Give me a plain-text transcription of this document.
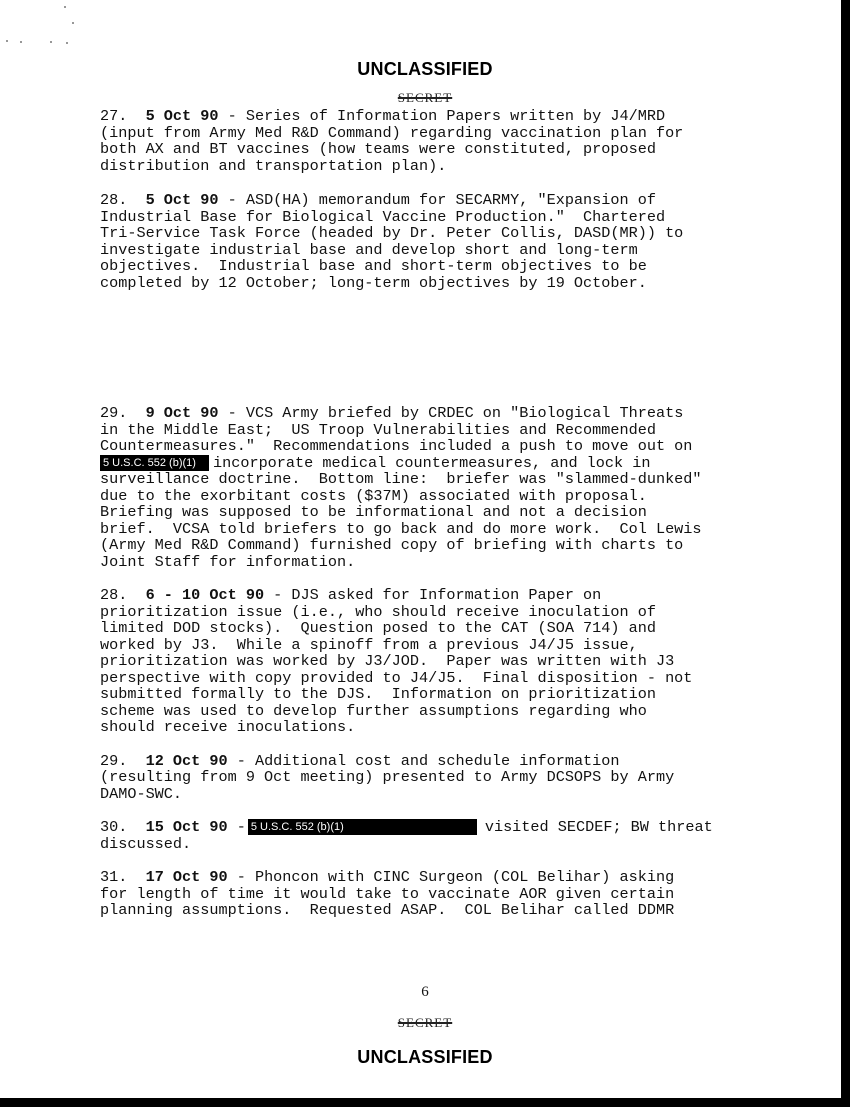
UNCLASSIFIED
SECRET

27. 5 Oct 90 - Series of Information Papers written by J4/MRD
(input from Army Med R&D Command) regarding vaccination plan for
both AX and BT vaccines (how teams were constituted, proposed
distribution and transportation plan).

28. 5 Oct 90 - ASD(HA) memorandum for SECARMY, "Expansion of
Industrial Base for Biological Vaccine Production."  Chartered
Tri-Service Task Force (headed by Dr. Peter Collis, DASD(MR)) to
investigate industrial base and develop short and long-term
objectives.  Industrial base and short-term objectives to be
completed by 12 October; long-term objectives by 19 October.

29. 9 Oct 90 - VCS Army briefed by CRDEC on "Biological Threats
in the Middle East;  US Troop Vulnerabilities and Recommended
Countermeasures."  Recommendations included a push to move out on
5 U.S.C. 552 (b)(1) incorporate medical countermeasures, and lock in
surveillance doctrine.  Bottom line:  briefer was "slammed-dunked"
due to the exorbitant costs ($37M) associated with proposal.
Briefing was supposed to be informational and not a decision
brief.  VCSA told briefers to go back and do more work.  Col Lewis
(Army Med R&D Command) furnished copy of briefing with charts to
Joint Staff for information.

28. 6 - 10 Oct 90 - DJS asked for Information Paper on
prioritization issue (i.e., who should receive inoculation of
limited DOD stocks).  Question posed to the CAT (SOA 714) and
worked by J3.  While a spinoff from a previous J4/J5 issue,
prioritization was worked by J3/JOD.  Paper was written with J3
perspective with copy provided to J4/J5.  Final disposition - not
submitted formally to the DJS.  Information on prioritization
scheme was used to develop further assumptions regarding who
should receive inoculations.

29. 12 Oct 90 - Additional cost and schedule information
(resulting from 9 Oct meeting) presented to Army DCSOPS by Army
DAMO-SWC.

30. 15 Oct 90 - 5 U.S.C. 552 (b)(1)	visited SECDEF; BW threat
discussed.

31. 17 Oct 90 - Phoncon with CINC Surgeon (COL Belihar) asking
for length of time it would take to vaccinate AOR given certain
planning assumptions.  Requested ASAP.  COL Belihar called DDMR

6
SECRET
UNCLASSIFIED
